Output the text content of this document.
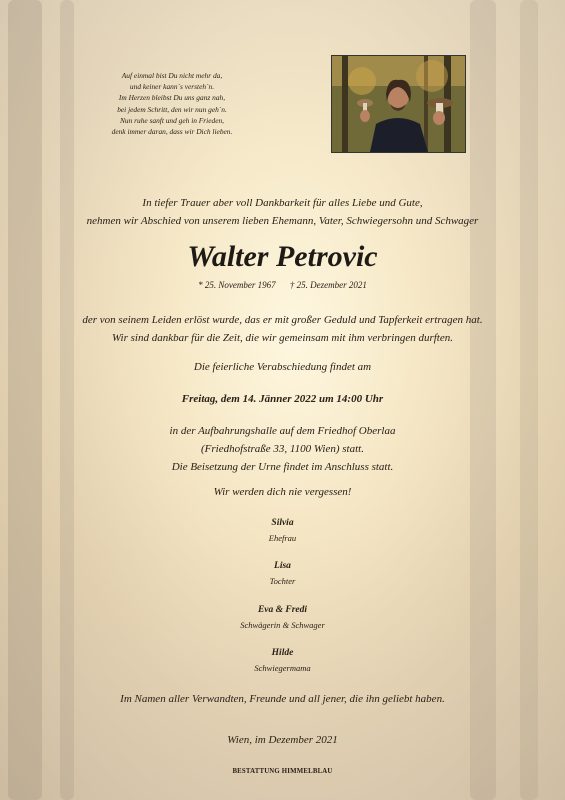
Auf einmal bist Du nicht mehr da,
und keiner kann´s versteh´n.
Im Herzen bleibst Du uns ganz nah,
bei jedem Schritt, den wir nun geh´n.
Nun ruhe sanft und geh in Frieden,
denk immer daran, dass wir Dich lieben.
In tiefer Trauer aber voll Dankbarkeit für alles Liebe und Gute,
nehmen wir Abschied von unserem lieben Ehemann, Vater, Schwiegersohn und Schwager
Walter Petrovic
* 25. November 1967 † 25. Dezember 2021
der von seinem Leiden erlöst wurde, das er mit großer Geduld und Tapferkeit ertragen hat.
Wir sind dankbar für die Zeit, die wir gemeinsam mit ihm verbringen durften.
Die feierliche Verabschiedung findet am
Freitag, dem 14. Jänner 2022 um 14:00 Uhr
in der Aufbahrungshalle auf dem Friedhof Oberlaa
(Friedhofstraße 33, 1100 Wien) statt.
Die Beisetzung der Urne findet im Anschluss statt.
Wir werden dich nie vergessen!
Silvia
Ehefrau
Lisa
Tochter
Eva & Fredi
Schwägerin & Schwager
Hilde
Schwiegermama
Im Namen aller Verwandten, Freunde und all jener, die ihn geliebt haben.
Wien, im Dezember 2021
BESTATTUNG HIMMELBLAU
